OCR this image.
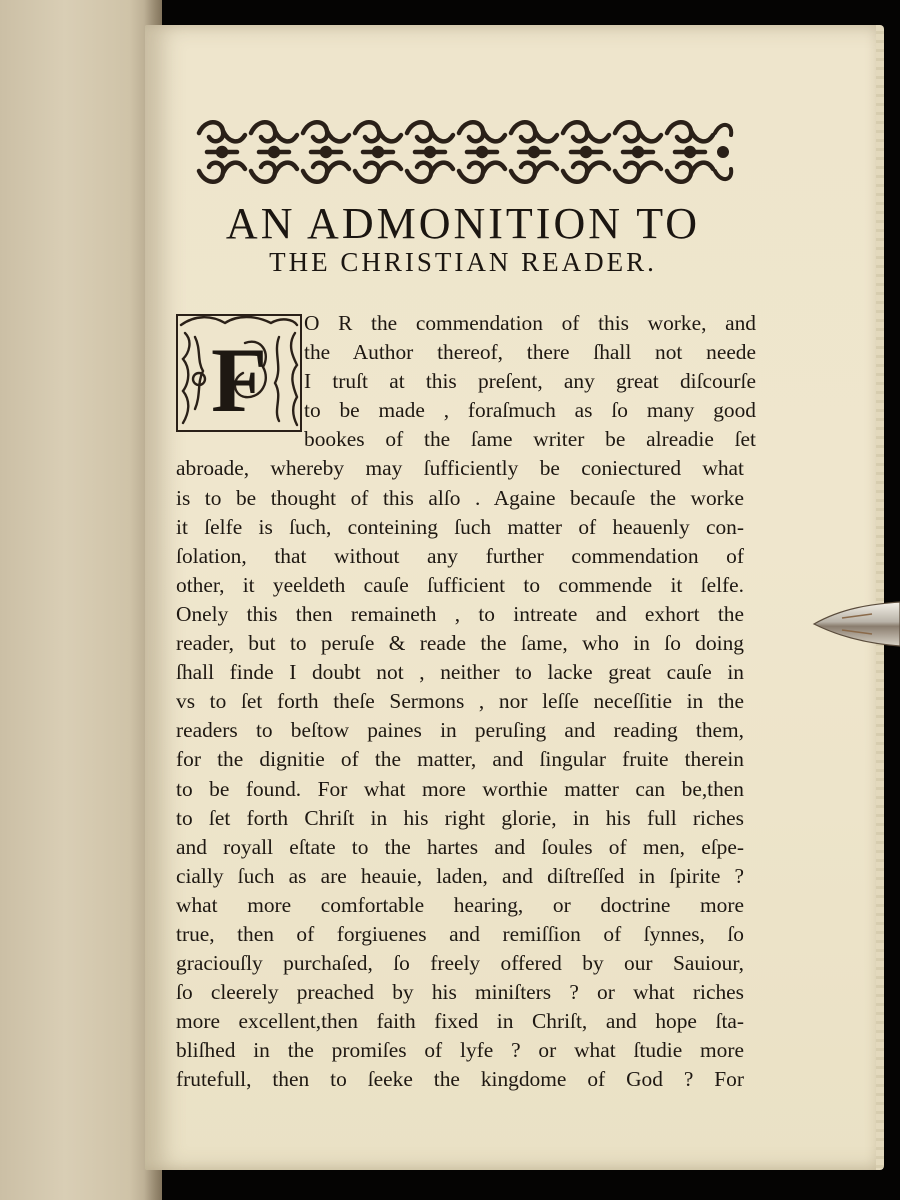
AN ADMONITION TO
THE CHRISTIAN READER.
F
O R the commendation of this worke, and
the Author thereof, there ſhall not neede
I truſt at this preſent, any great diſcourſe
to be made , foraſmuch as ſo many good
bookes of the ſame writer be alreadie ſet
abroade, whereby may ſufficiently be coniectured what
is to be thought of this alſo . Againe becauſe the worke
it ſelfe is ſuch, conteining ſuch matter of heauenly con-
ſolation, that without any further commendation of
other, it yeeldeth cauſe ſufficient to commende it ſelfe.
Onely this then remaineth , to intreate and exhort the
reader, but to peruſe & reade the ſame, who in ſo doing
ſhall finde I doubt not , neither to lacke great cauſe in
vs to ſet forth theſe Sermons , nor leſſe neceſſitie in the
readers to beſtow paines in peruſing and reading them,
for the dignitie of the matter, and ſingular fruite therein
to be found. For what more worthie matter can be,then
to ſet forth Chriſt in his right glorie, in his full riches
and royall eſtate to the hartes and ſoules of men, eſpe-
cially ſuch as are heauie, laden, and diſtreſſed in ſpirite ?
what more comfortable hearing, or doctrine more
true, then of forgiuenes and remiſſion of ſynnes, ſo
graciouſly purchaſed, ſo freely offered by our Sauiour,
ſo cleerely preached by his miniſters ? or what riches
more excellent,then faith fixed in Chriſt, and hope ſta-
bliſhed in the promiſes of lyfe ? or what ſtudie more
frutefull, then to ſeeke the kingdome of God ? For
